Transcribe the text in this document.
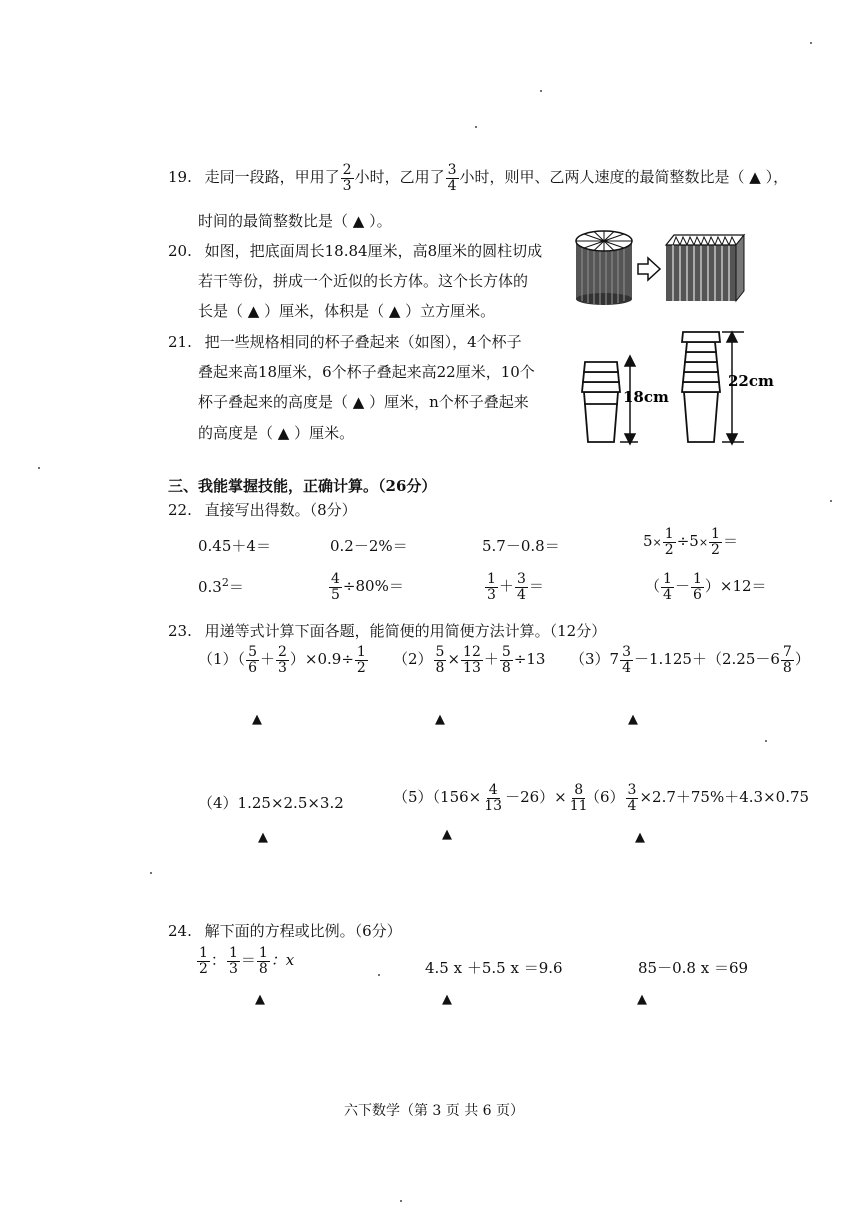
19. 走同一段路，甲用了 $\frac{2}{3}$ 小时，乙用了 $\frac{3}{4}$ 小时，则甲、乙两人速度的最简整数比是（ ▲ ），
时间的最简整数比是（ ▲ ）。
20. 如图，把底面周长18.84厘米，高8厘米的圆柱切成
若干等份，拼成一个近似的长方体。这个长方体的
长是（ ▲ ）厘米，体积是（ ▲ ）立方厘米。
21. 把一些规格相同的杯子叠起来（如图），4个杯子
叠起来高18厘米，6个杯子叠起来高22厘米，10个
杯子叠起来的高度是（ ▲ ）厘米，n个杯子叠起来
的高度是（ ▲ ）厘米。
18cm
22cm
三、我能掌握技能，正确计算。（26分）
22. 直接写出得数。（8分）
0.45＋4＝	0.2－2%＝	5.7－0.8＝	$5\times \frac{1}{2} \div 5\times \frac{1}{2}$ ＝
$0.3^2=$	$\frac{4}{5} \div 80\%=$	$\frac{1}{3} + \frac{3}{4}$ ＝	（ $\frac{1}{4} - \frac{1}{6} )\times 12=$
23. 用递等式计算下面各题，能简便的用简便方法计算。（12分）
$(1)( \frac{5}{6} + \frac{2}{3} )\times 0.9\div \frac{1}{2} (2) \frac{5}{8} \times \frac{12}{13} + \frac{5}{8} \div 13$ $(3)7 \frac{3}{4} -1.125+(2.25-6 \frac{7}{8}$ ）
▲	▲	▲
（4）1.25×2.5×3.2	$(5)(156\times \frac{4}{13} -26)\times \frac{8}{11}$
$(6) \frac{3}{4} \times 2.7+75\%+4.3\times 0.75$
▲	▲	▲
24. 解下面的方程或比例。（6分）
$\frac{1}{2}$ ： $\frac{1}{3} = \frac{1}{8}$ ：x	4.5 x ＋5.5 x ＝9.6	85－0.8 x ＝69
▲	▲	▲
六下数学（第 3 页 共 6 页）
